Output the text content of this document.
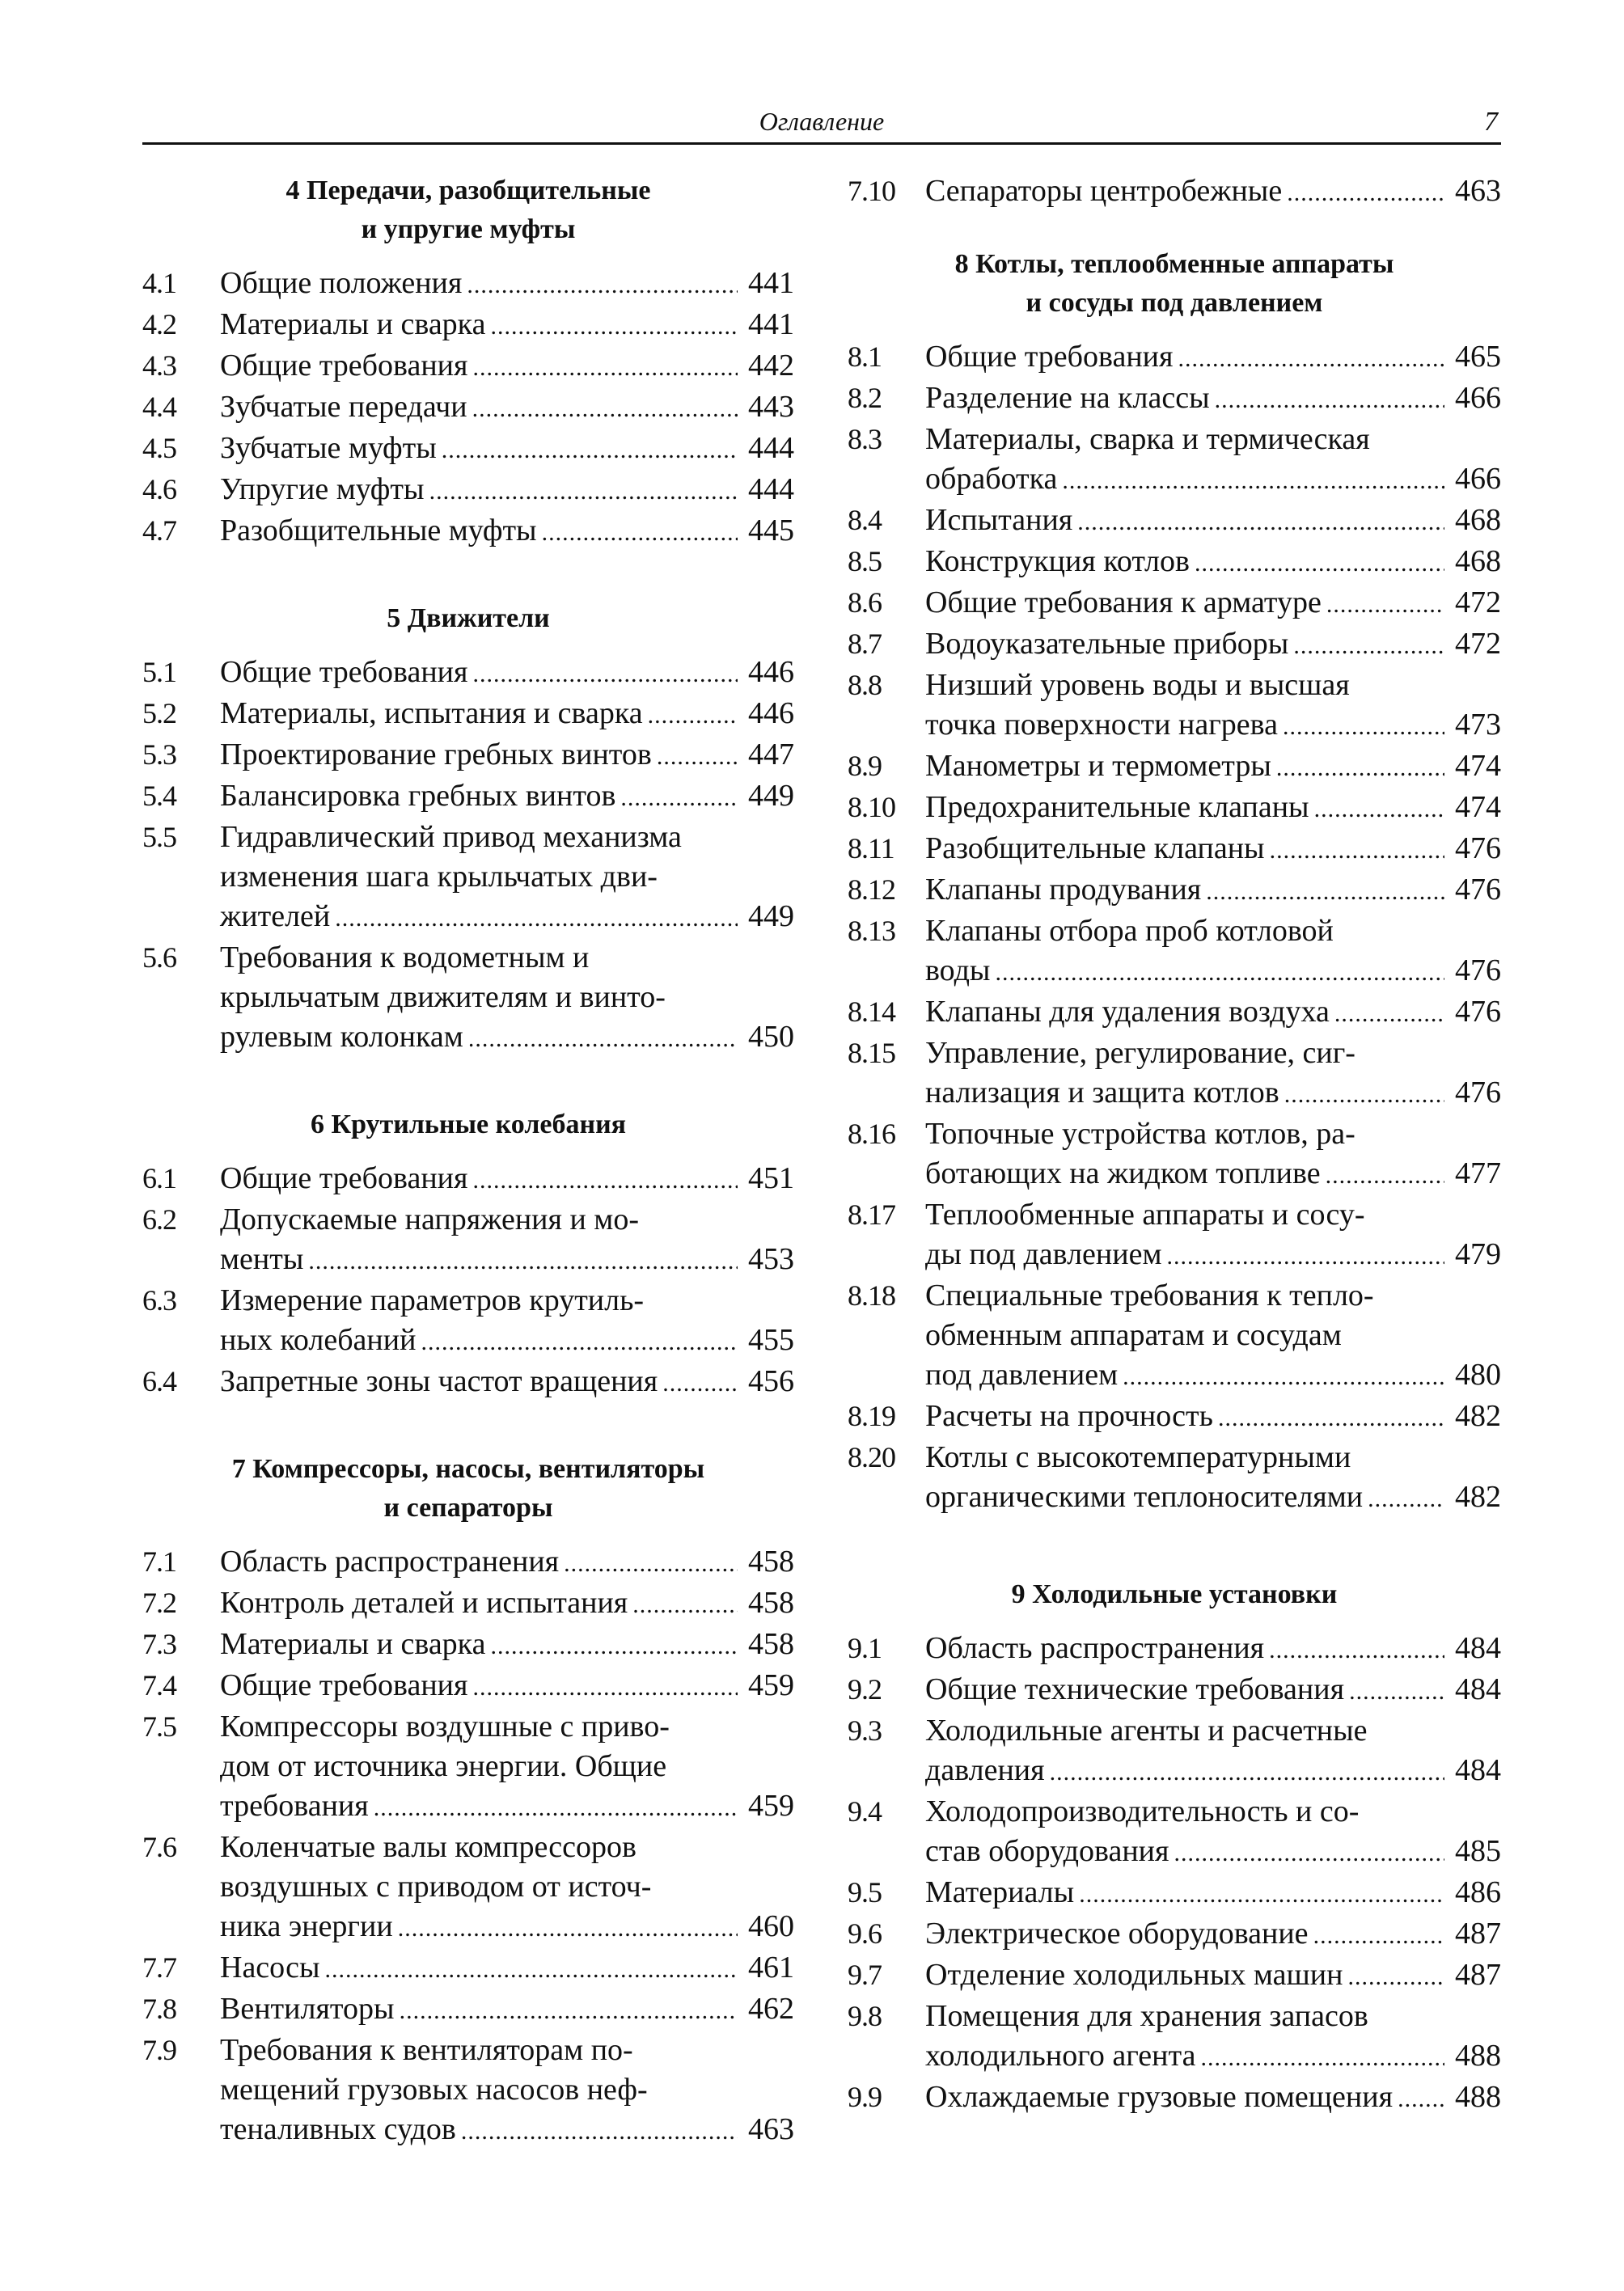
Оглавление	7
4 Передачи, разобщительные
и упругие муфты
4.1	Общие положения .....	441
4.2	Материалы и сварка .....	441
4.3	Общие требования .....	442
4.4	Зубчатые передачи .....	443
4.5	Зубчатые муфты .....	444
4.6	Упругие муфты .....	444
4.7	Разобщительные муфты .....	445
5 Движители
5.1	Общие требования .....	446
5.2	Материалы, испытания и сварка .....	446
5.3	Проектирование гребных винтов .....	447
5.4	Балансировка гребных винтов .....	449
5.5	Гидравлический привод механизма
изменения шага крыльчатых дви-
жителей .....	449
5.6	Требования к водометным и
крыльчатым движителям и винто-
рулевым колонкам .....	450
6 Крутильные колебания
6.1	Общие требования .....	451
6.2	Допускаемые напряжения и мо-
менты .....	453
6.3	Измерение параметров крутиль-
ных колебаний .....	455
6.4	Запретные зоны частот вращения .....	456
7 Компрессоры, насосы, вентиляторы
и сепараторы
7.1	Область распространения .....	458
7.2	Контроль деталей и испытания .....	458
7.3	Материалы и сварка .....	458
7.4	Общие требования .....	459
7.5	Компрессоры воздушные с приво-
дом от источника энергии. Общие
требования .....	459
7.6	Коленчатые валы компрессоров
воздушных с приводом от источ-
ника энергии .....	460
7.7	Насосы .....	461
7.8	Вентиляторы .....	462
7.9	Требования к вентиляторам по-
мещений грузовых насосов неф-
теналивных судов .....	463
7.10 Сепараторы центробежные .....	463
8 Котлы, теплообменные аппараты
и сосуды под давлением
8.1	Общие требования .....	465
8.2	Разделение на классы .....	466
8.3	Материалы, сварка и термическая
обработка .....	466
8.4	Испытания .....	468
8.5	Конструкция котлов .....	468
8.6	Общие требования к арматуре .....	472
8.7	Водоуказательные приборы .....	472
8.8	Низший уровень воды и высшая
точка поверхности нагрева .....	473
8.9	Манометры и термометры .....	474
8.10 Предохранительные клапаны .....	474
8.11	Разобщительные клапаны .....	476
8.12 Клапаны продувания .....	476
8.13 Клапаны отбора проб котловой
воды .....	476
8.14 Клапаны для удаления воздуха .....	476
8.15 Управление, регулирование, сиг-
нализация и защита котлов .....	476
8.16 Топочные устройства котлов, ра-
ботающих на жидком топливе .....	477
8.17 Теплообменные аппараты и сосу-
ды под давлением .....	479
8.18 Специальные требования к тепло-
обменным аппаратам и сосудам
под давлением .....	480
8.19 Расчеты на прочность .....	482
8.20 Котлы с высокотемпературными
органическими теплоносителями .....	482
9 Холодильные установки
9.1	Область распространения .....	484
9.2	Общие технические требования .....	484
9.3	Холодильные агенты и расчетные
давления .....	484
9.4	Холодопроизводительность и со-
став оборудования .....	485
9.5	Материалы .....	486
9.6	Электрическое оборудование .....	487
9.7	Отделение холодильных машин .....	487
9.8	Помещения для хранения запасов
холодильного агента .....	488
9.9	Охлаждаемые грузовые помещения ..... 488
